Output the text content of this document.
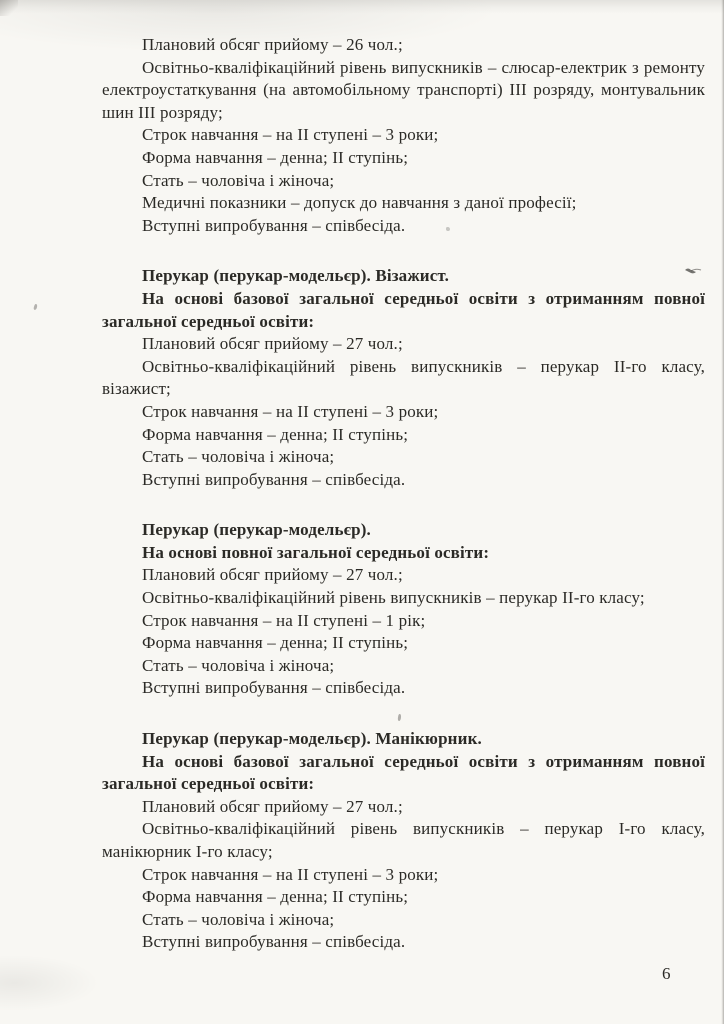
Плановий обсяг прийому – 26 чол.;

Освітньо-кваліфікаційний рівень випускників – слюсар-електрик з ремонту електроустаткування (на автомобільному транспорті) ІІІ розряду, монтувальник шин ІІІ розряду;

Строк навчання – на ІІ ступені – 3 роки;

Форма навчання – денна; ІІ ступінь;

Стать – чоловіча і жіноча;

Медичні показники – допуск до навчання з даної професії;

Вступні випробування – співбесіда.

Перукар (перукар-модельєр). Візажист.

На основі базової загальної середньої освіти з отриманням повної загальної середньої освіти:

Плановий обсяг прийому – 27 чол.;

Освітньо-кваліфікаційний рівень випускників – перукар ІІ-го класу, візажист;

Строк навчання – на ІІ ступені – 3 роки;

Форма навчання – денна; ІІ ступінь;

Стать – чоловіча і жіноча;

Вступні випробування – співбесіда.

Перукар (перукар-модельєр).

На основі повної загальної середньої освіти:

Плановий обсяг прийому – 27 чол.;

Освітньо-кваліфікаційний рівень випускників – перукар ІІ-го класу;

Строк навчання – на ІІ ступені – 1 рік;

Форма навчання – денна; ІІ ступінь;

Стать – чоловіча і жіноча;

Вступні випробування – співбесіда.

Перукар (перукар-модельєр). Манікюрник.

На основі базової загальної середньої освіти з отриманням повної загальної середньої освіти:

Плановий обсяг прийому – 27 чол.;

Освітньо-кваліфікаційний рівень випускників – перукар І-го класу, манікюрник І-го класу;

Строк навчання – на ІІ ступені – 3 роки;

Форма навчання – денна; ІІ ступінь;

Стать – чоловіча і жіноча;

Вступні випробування – співбесіда.

6
